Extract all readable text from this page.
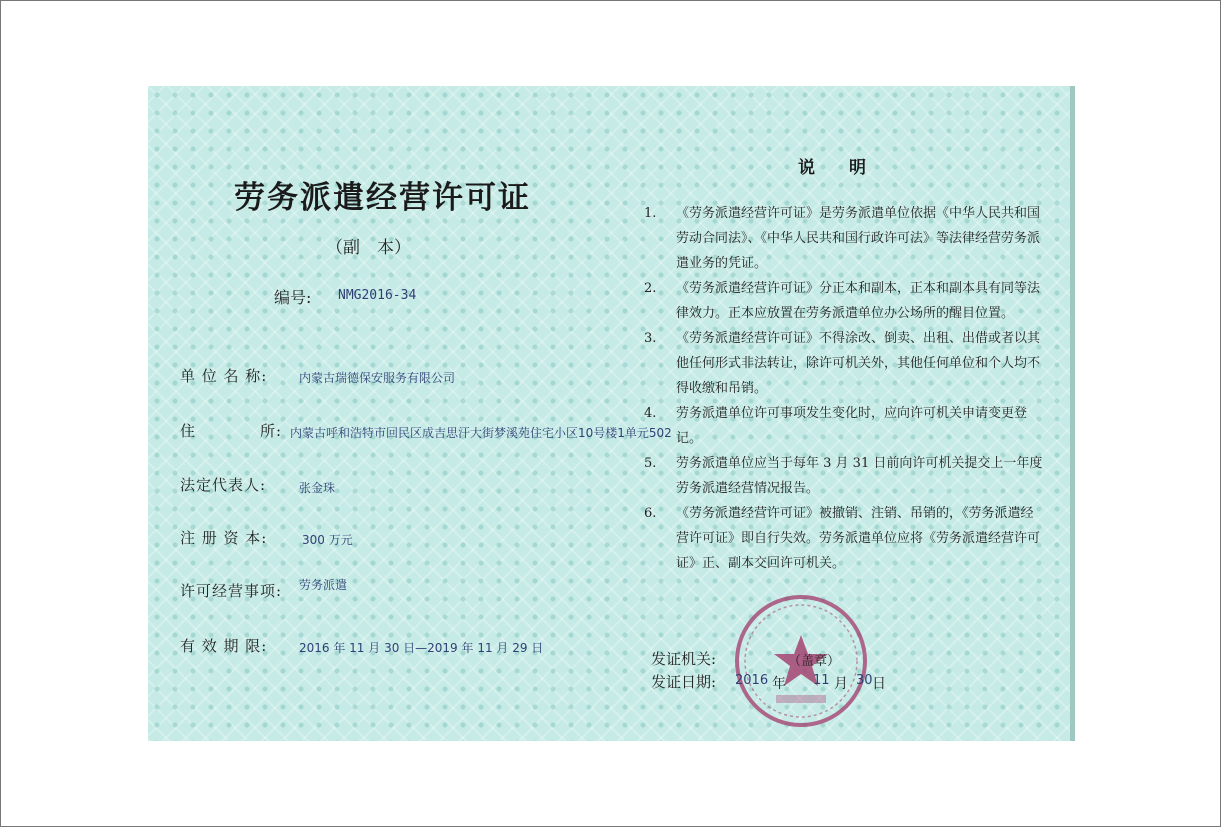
劳务派遣经营许可证
（副　本）
编号: NMG2016-34
单 位 名 称:	内蒙古瑞德保安服务有限公司
住　　　　所: 内蒙古呼和浩特市回民区成吉思汗大街梦溪苑住宅小区10号楼1单元502
法定代表人:	张金珠
注 册 资 本:	300 万元
许可经营事项: 劳务派遣
有 效 期 限:	2016 年 11 月 30 日—2019 年 11 月 29 日
说　　明
1. 《劳务派遣经营许可证》是劳务派遣单位依据《中华人民共和国劳动合同法》、《中华人民共和国行政许可法》等法律经营劳务派遣业务的凭证。
2. 《劳务派遣经营许可证》分正本和副本，正本和副本具有同等法律效力。正本应放置在劳务派遣单位办公场所的醒目位置。
3. 《劳务派遣经营许可证》不得涂改、倒卖、出租、出借或者以其他任何形式非法转让，除许可机关外，其他任何单位和个人均不得收缴和吊销。
4. 劳务派遣单位许可事项发生变化时，应向许可机关申请变更登记。
5. 劳务派遣单位应当于每年 3 月 31 日前向许可机关提交上一年度劳务派遣经营情况报告。
6. 《劳务派遣经营许可证》被撤销、注销、吊销的，《劳务派遣经营许可证》即自行失效。劳务派遣单位应将《劳务派遣经营许可证》正、副本交回许可机关。
发证机关:	（盖章）
发证日期: 2016 年 11 月 30 日
